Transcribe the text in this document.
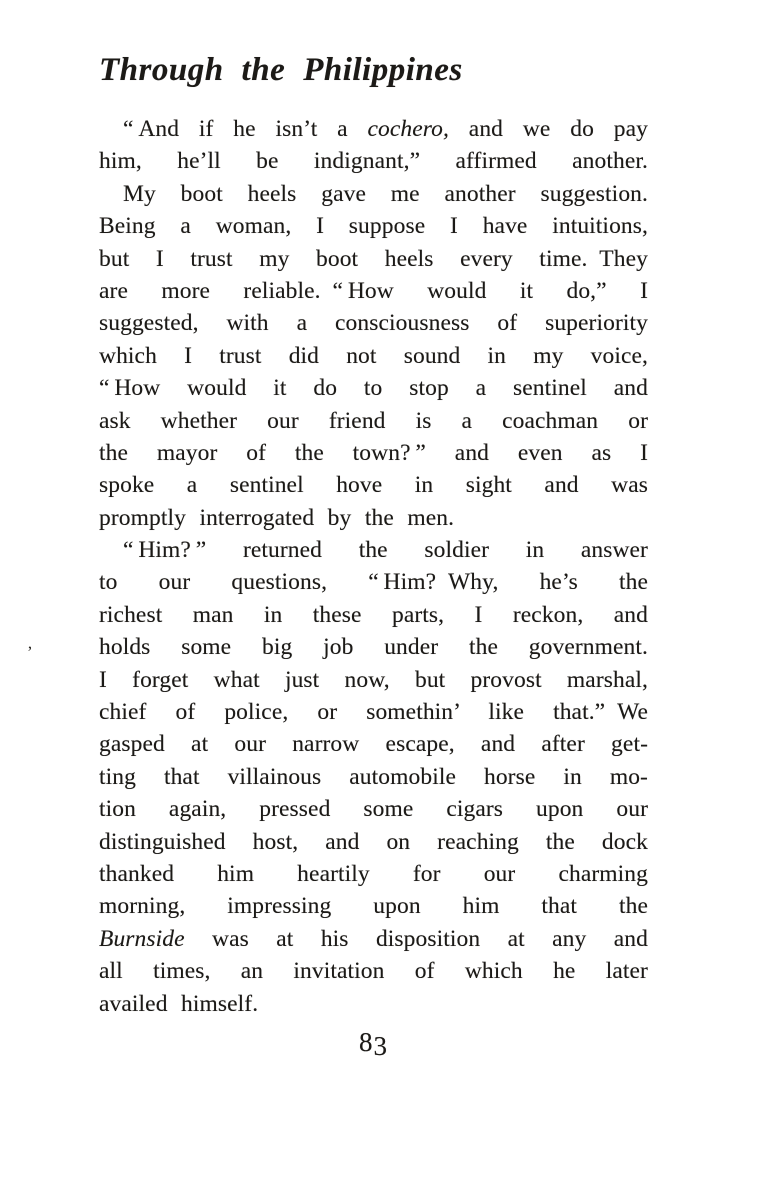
Through the Philippines
ʼ
“ And if he isn’t a cochero, and we do pay
him, he’ll be indignant,” affirmed another.
My boot heels gave me another suggestion.
Being a woman, I suppose I have intuitions,
but I trust my boot heels every time. They
are more reliable. “ How would it do,” I
suggested, with a consciousness of superiority
which I trust did not sound in my voice,
“ How would it do to stop a sentinel and
ask whether our friend is a coachman or
the mayor of the town? ” and even as I
spoke a sentinel hove in sight and was
promptly interrogated by the men.
“ Him? ” returned the soldier in answer
to our questions, “ Him? Why, he’s the
richest man in these parts, I reckon, and
holds some big job under the government.
I forget what just now, but provost marshal,
chief of police, or somethin’ like that.” We
gasped at our narrow escape, and after get-
ting that villainous automobile horse in mo-
tion again, pressed some cigars upon our
distinguished host, and on reaching the dock
thanked him heartily for our charming
morning, impressing upon him that the
Burnside was at his disposition at any and
all times, an invitation of which he later
availed himself.
83
